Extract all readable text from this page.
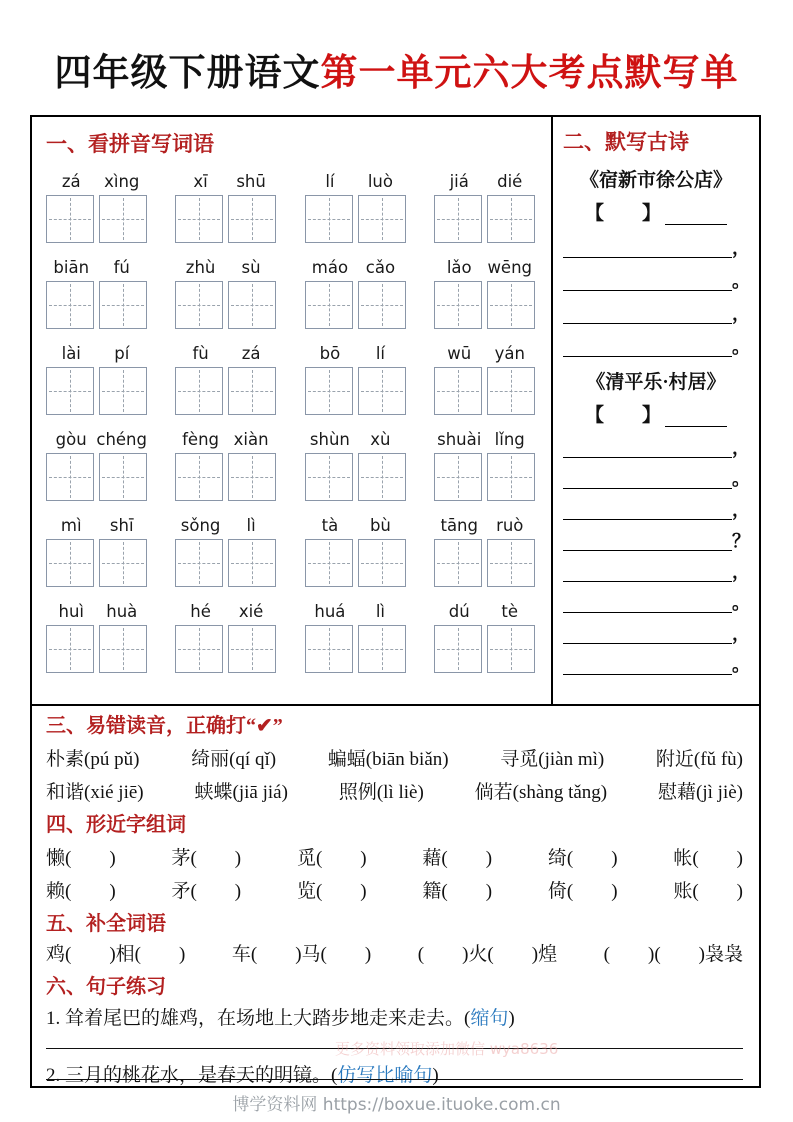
四年级下册语文第一单元六大考点默写单
一、看拼音写词语
zá	xìng	xī	shū	lí	luò	jiá	dié
biān	fú	zhù	sù	máo	cǎo	lǎo wēng
lài	pí	fù	zá	bō	lí	wū	yán
gòu chéng	fèng xiàn	shùn	xù	shuài lǐng
mì	shī	sǒng	lì	tà	bù	tāng	ruò
huì	huà	hé	xié	huá	lì	dú	tè
二、默写古诗
《宿新市徐公店》
【　　】
，
。
，
。
《清平乐·村居》
【　　】
，
。
，
？
，
。
，
。
三、易错读音，正确打“✔”
朴素(pú pǔ)	绮丽(qí qǐ)	蝙蝠(biān biǎn)	寻觅(jiàn mì)	附近(fǔ fù)
和谐(xié jiē)	蛱蝶(jiā jiá)	照例(lì liè)	倘若(shàng tǎng)	慰藉(jì jiè)
四、形近字组词
懒(　　)	茅(　　)	觅(　　)	藉(　　)	绮(　　)	帐(　　)
赖(　　)	矛(　　)	览(　　)	籍(　　)	倚(　　)	账(　　)
五、补全词语
鸡(　　)相(　　) 车(　　)马(　　) (　　)火(　　)煌 (　　)(　　)袅袅
六、句子练习
1. 耸着尾巴的雄鸡，在场地上大踏步地走来走去。(缩句)
2. 三月的桃花水，是春天的明镜。(仿写比喻句)
更多资料领取添加微信 wya8636
博学资料网 https://boxue.ituoke.com.cn
